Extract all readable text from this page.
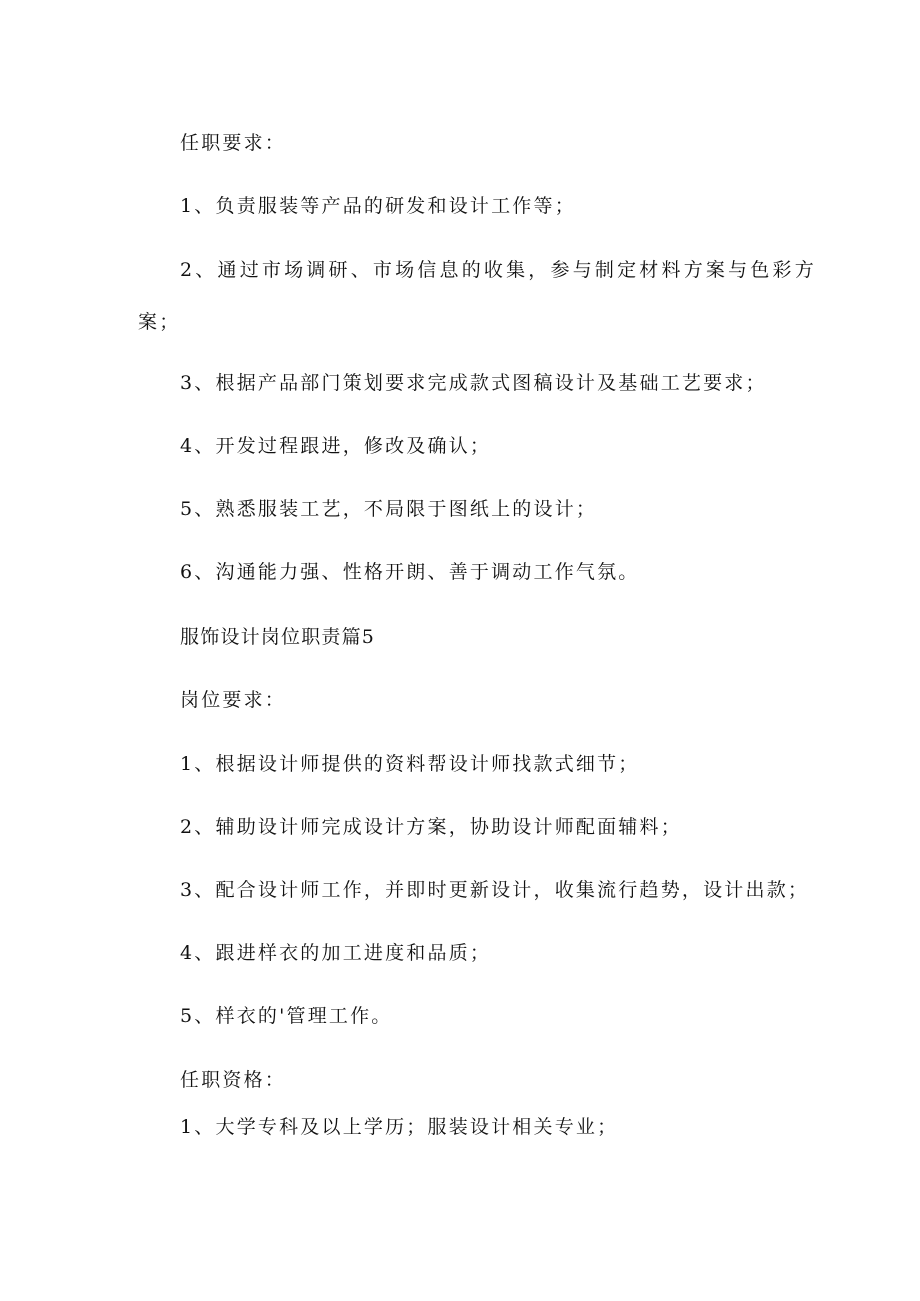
任职要求：
1、负责服装等产品的研发和设计工作等；
2、通过市场调研、市场信息的收集，参与制定材料方案与色彩方
案；
3、根据产品部门策划要求完成款式图稿设计及基础工艺要求；
4、开发过程跟进，修改及确认；
5、熟悉服装工艺，不局限于图纸上的设计；
6、沟通能力强、性格开朗、善于调动工作气氛。
服饰设计岗位职责篇5
岗位要求：
1、根据设计师提供的资料帮设计师找款式细节；
2、辅助设计师完成设计方案，协助设计师配面辅料；
3、配合设计师工作，并即时更新设计，收集流行趋势，设计出款；
4、跟进样衣的加工进度和品质；
5、样衣的'管理工作。
任职资格：
1、大学专科及以上学历；服装设计相关专业；
